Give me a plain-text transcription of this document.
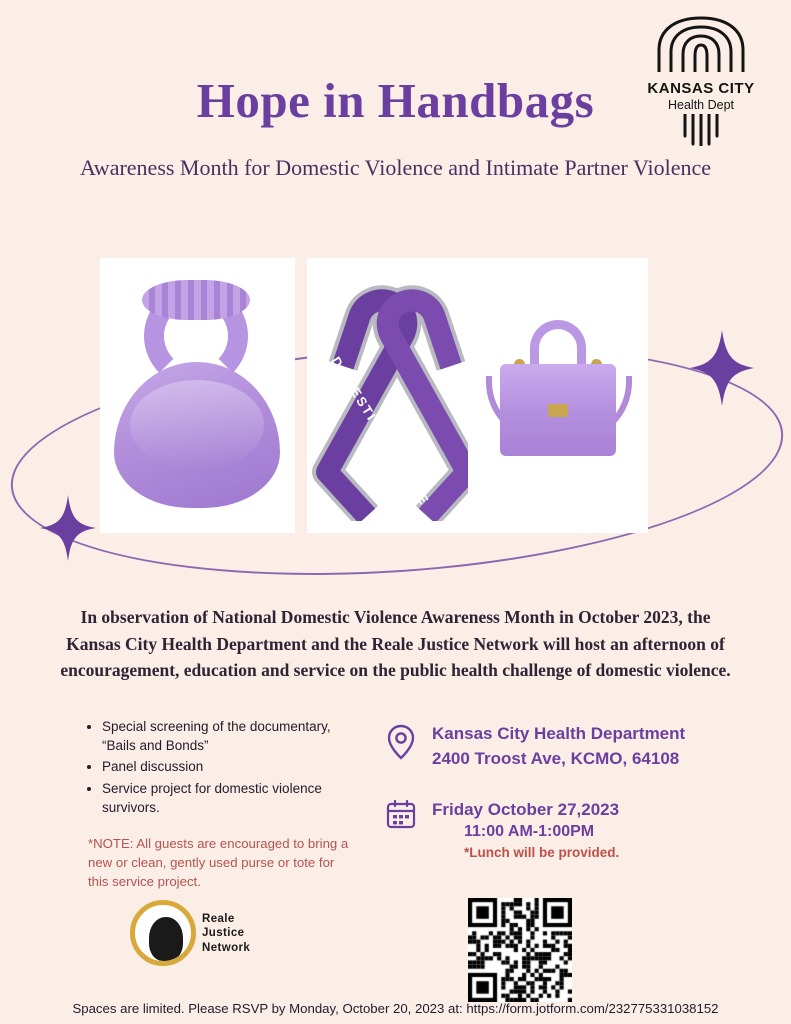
KANSAS CITY
Health Dept
Hope in Handbags
Awareness Month for Domestic Violence and Intimate Partner Violence
DOMESTIC VIOLENCE
In observation of National Domestic Violence Awareness Month in October 2023, the Kansas City Health Department and the Reale Justice Network will host an afternoon of encouragement, education and service on the public health challenge of domestic violence.
• Special screening of the documentary, “Bails and Bonds”
• Panel discussion
• Service project for domestic violence survivors.
*NOTE: All guests are encouraged to bring a new or clean, gently used purse or tote for this service project.
Kansas City Health Department
2400 Troost Ave, KCMO, 64108
Friday October 27,2023
11:00 AM-1:00PM
*Lunch will be provided.
Reale
Justice
Network
Spaces are limited. Please RSVP by Monday, October 20, 2023 at: https://form.jotform.com/232775331038152
